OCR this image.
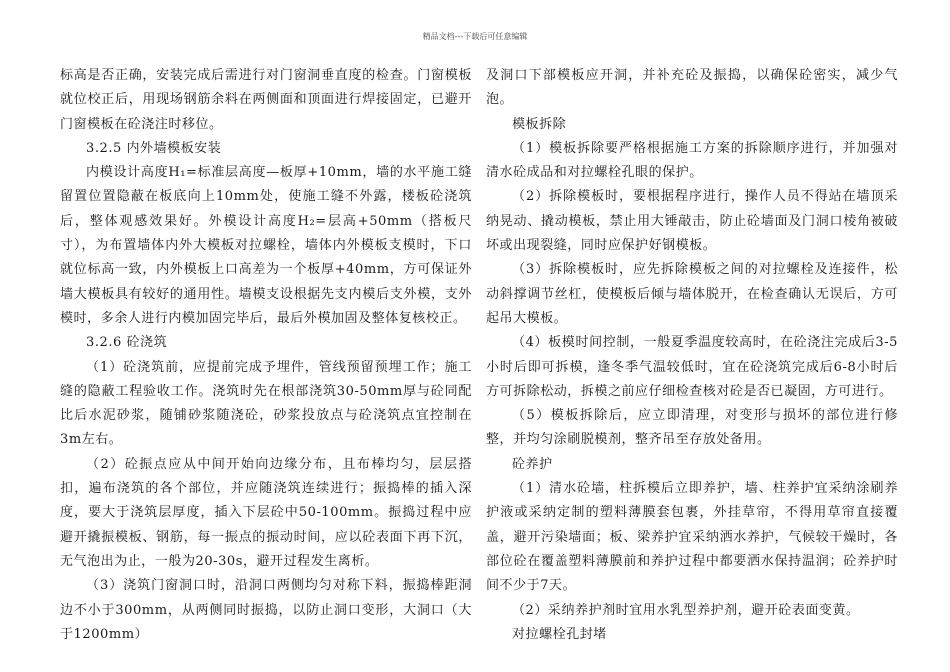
精品文档---下载后可任意编辑

标高是否正确，安装完成后需进行对门窗洞垂直度的检查。门窗模板就位校正后，用现场钢筋余料在两侧面和顶面进行焊接固定，已避开门窗模板在砼浇注时移位。

3.2.5 内外墙模板安装

内模设计高度H₁=标准层高度—板厚+10mm，墙的水平施工缝留置位置隐蔽在板底向上10mm处，使施工缝不外露，楼板砼浇筑后，整体观感效果好。外模设计高度H₂=层高+50mm（搭板尺寸），为布置墙体内外大模板对拉螺栓，墙体内外模板支模时，下口就位标高一致，内外模板上口高差为一个板厚+40mm，方可保证外墙大模板具有较好的通用性。墙模支设根据先支内模后支外模，支外模时，多余人进行内模加固完毕后，最后外模加固及整体复核校正。

3.2.6 砼浇筑

（1）砼浇筑前，应提前完成予埋件，管线预留预埋工作；施工缝的隐蔽工程验收工作。浇筑时先在根部浇筑30-50mm厚与砼同配比后水泥砂浆，随铺砂浆随浇砼，砂浆投放点与砼浇筑点宜控制在3m左右。

（2）砼振点应从中间开始向边缘分布，且布棒均匀，层层搭扣，遍布浇筑的各个部位，并应随浇筑连续进行；振捣棒的插入深度，要大于浇筑层厚度，插入下层砼中50-100mm。振捣过程中应避开撬振模板、钢筋，每一振点的振动时间，应以砼表面下再下沉，无气泡出为止，一般为20-30s，避开过程发生离析。

（3）浇筑门窗洞口时，沿洞口两侧均匀对称下料，振捣棒距洞边不小于300mm，从两侧同时振捣，以防止洞口变形，大洞口（大于1200mm）

及洞口下部模板应开洞，并补充砼及振捣，以确保砼密实，减少气泡。

模板拆除

（1）模板拆除要严格根据施工方案的拆除顺序进行，并加强对清水砼成品和对拉螺栓孔眼的保护。

（2）拆除模板时，要根据程序进行，操作人员不得站在墙顶采纳晃动、撬动模板，禁止用大锤敲击，防止砼墙面及门洞口棱角被破坏或出现裂缝，同时应保护好钢模板。

（3）拆除模板时，应先拆除模板之间的对拉螺栓及连接件，松动斜撑调节丝杠，使模板后倾与墙体脱开，在检查确认无误后，方可起吊大模板。

（4）板模时间控制，一般夏季温度较高时，在砼浇注完成后3-5小时后即可拆模，逢冬季气温较低时，宜在砼浇筑完成后6-8小时后方可拆除松动，拆模之前应仔细检查核对砼是否已凝固，方可进行。

（5）模板拆除后，应立即清理，对变形与损坏的部位进行修整，并均匀涂刷脱模剂，整齐吊至存放处备用。

砼养护

（1）清水砼墙，柱拆模后立即养护，墙、柱养护宜采纳涂刷养护液或采纳定制的塑料薄膜套包裹，外挂草帘，不得用草帘直接覆盖，避开污染墙面；板、梁养护宜采纳洒水养护，气候较干燥时，各部位砼在覆盖塑料薄膜前和养护过程中都要洒水保持温润；砼养护时间不少于7天。

（2）采纳养护剂时宜用水乳型养护剂，避开砼表面变黄。

对拉螺栓孔封堵
